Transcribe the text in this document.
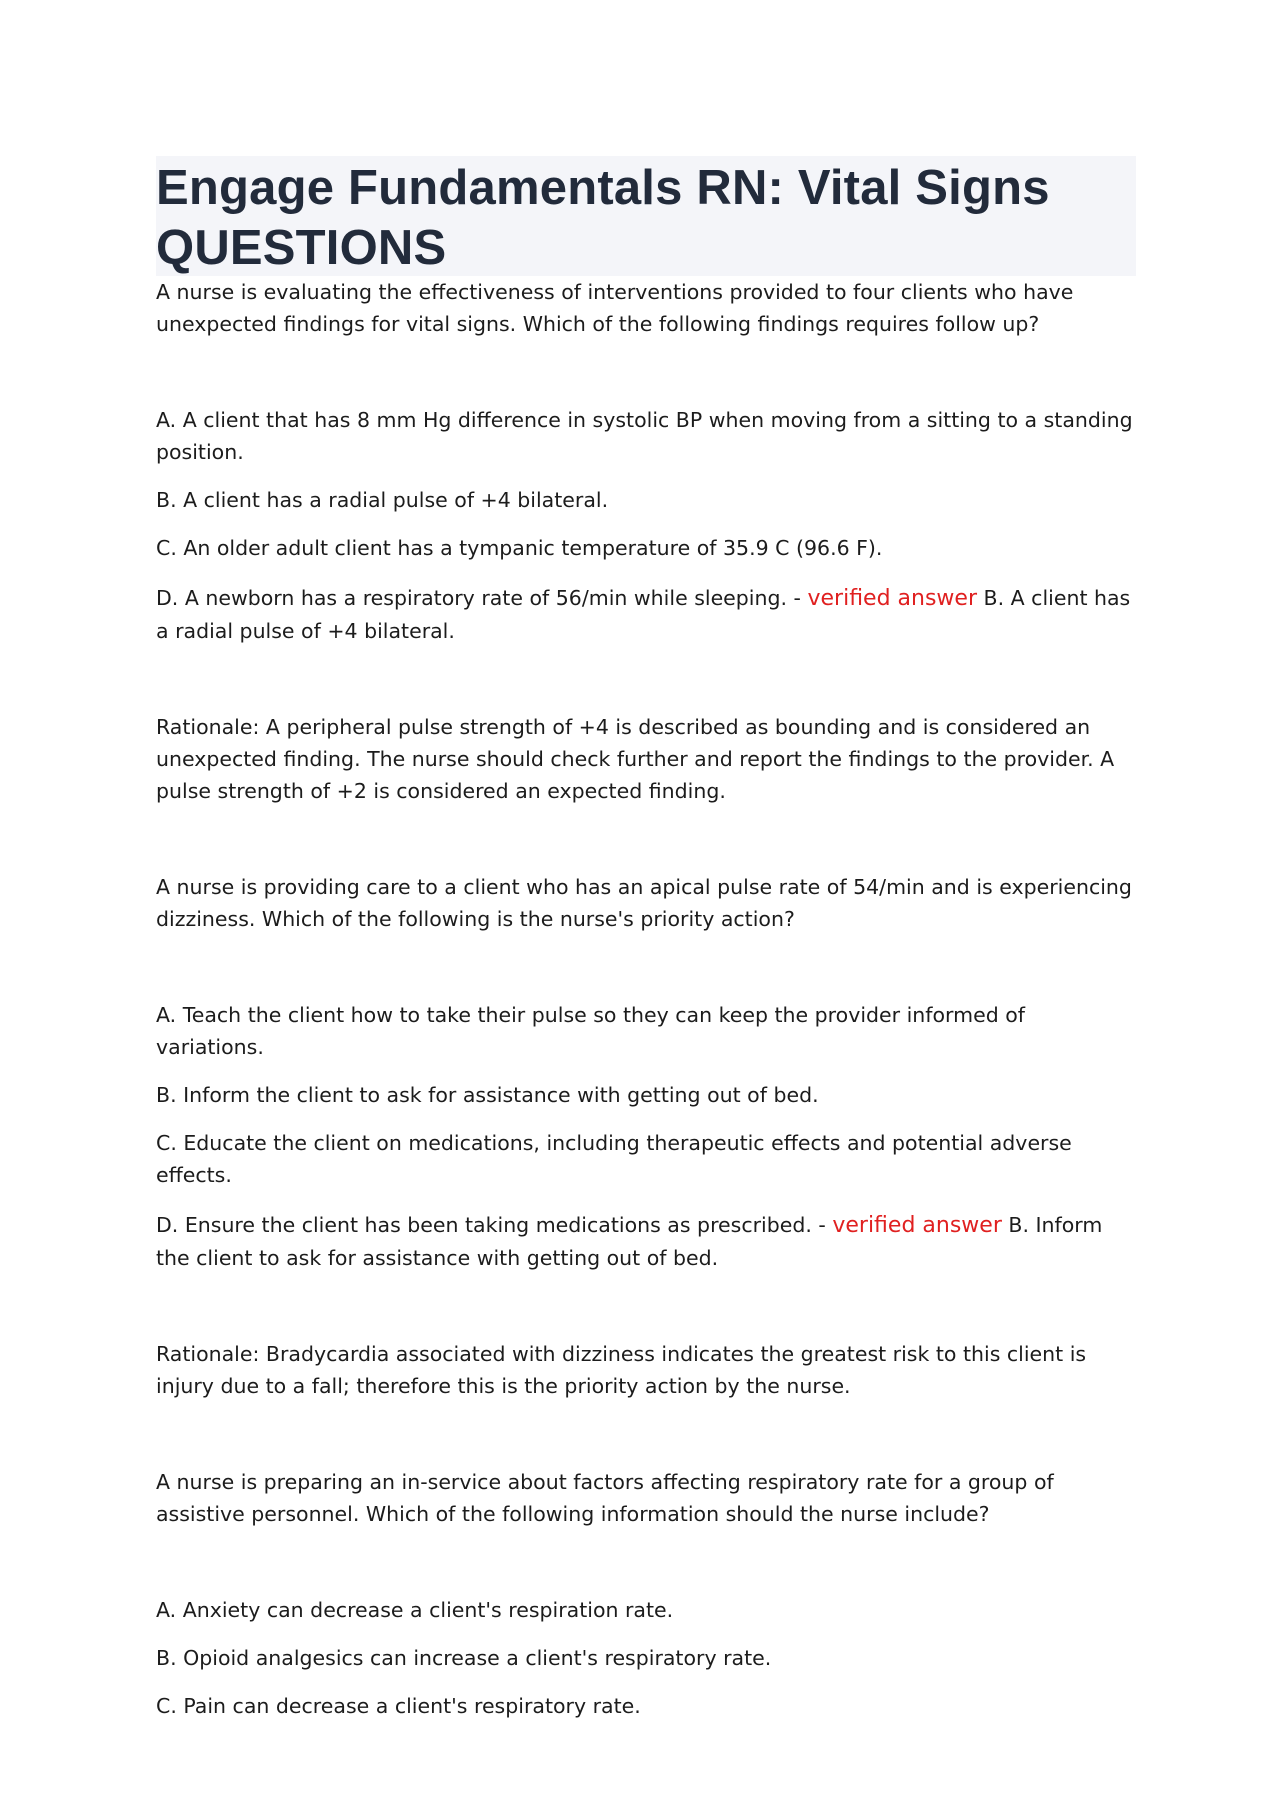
Engage Fundamentals RN: Vital Signs QUESTIONS

A nurse is evaluating the effectiveness of interventions provided to four clients who have unexpected findings for vital signs. Which of the following findings requires follow up?

A. A client that has 8 mm Hg difference in systolic BP when moving from a sitting to a standing position.

B. A client has a radial pulse of +4 bilateral.

C. An older adult client has a tympanic temperature of 35.9 C (96.6 F).

D. A newborn has a respiratory rate of 56/min while sleeping. - verified answer B. A client has a radial pulse of +4 bilateral.

Rationale: A peripheral pulse strength of +4 is described as bounding and is considered an unexpected finding. The nurse should check further and report the findings to the provider. A pulse strength of +2 is considered an expected finding.

A nurse is providing care to a client who has an apical pulse rate of 54/min and is experiencing dizziness. Which of the following is the nurse's priority action?

A. Teach the client how to take their pulse so they can keep the provider informed of variations.

B. Inform the client to ask for assistance with getting out of bed.

C. Educate the client on medications, including therapeutic effects and potential adverse effects.

D. Ensure the client has been taking medications as prescribed. - verified answer B. Inform the client to ask for assistance with getting out of bed.

Rationale: Bradycardia associated with dizziness indicates the greatest risk to this client is injury due to a fall; therefore this is the priority action by the nurse.

A nurse is preparing an in-service about factors affecting respiratory rate for a group of assistive personnel. Which of the following information should the nurse include?

A. Anxiety can decrease a client's respiration rate.

B. Opioid analgesics can increase a client's respiratory rate.

C. Pain can decrease a client's respiratory rate.
